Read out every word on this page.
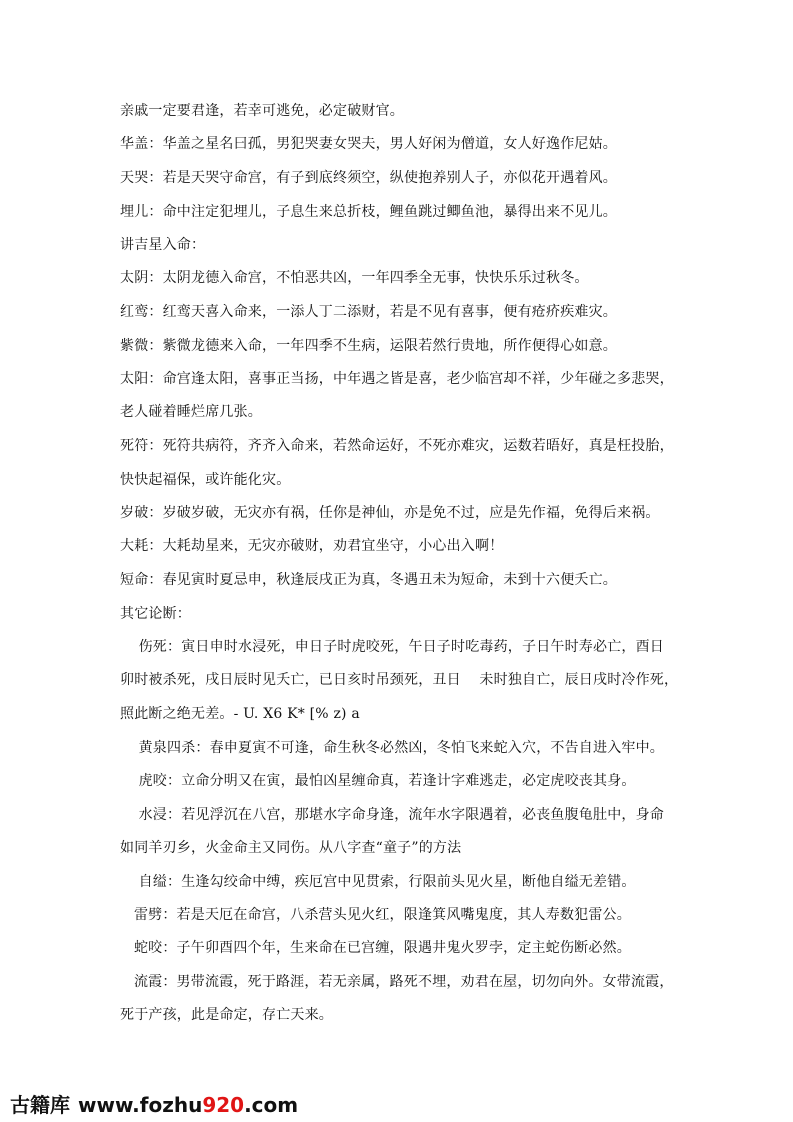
亲戚一定要君逢，若幸可逃免，必定破财官。
华盖：华盖之星名曰孤，男犯哭妻女哭夫，男人好闲为僧道，女人好逸作尼姑。
天哭：若是天哭守命宫，有子到底终须空，纵使抱养别人子，亦似花开遇着风。
埋儿：命中注定犯埋儿，子息生来总折枝，鲤鱼跳过鲫鱼池，暴得出来不见儿。
讲吉星入命：
太阴：太阴龙德入命宫，不怕恶共凶，一年四季全无事，快快乐乐过秋冬。
红鸾：红鸾天喜入命来，一添人丁二添财，若是不见有喜事，便有疮疥疾难灾。
紫微：紫微龙德来入命，一年四季不生病，运限若然行贵地，所作便得心如意。
太阳：命宫逢太阳，喜事正当扬，中年遇之皆是喜，老少临宫却不祥，少年碰之多悲哭，
老人碰着睡烂席几张。
死符：死符共病符，齐齐入命来，若然命运好，不死亦难灾，运数若晤好，真是枉投胎，
快快起福保，或许能化灾。
岁破：岁破岁破，无灾亦有祸，任你是神仙，亦是免不过，应是先作福，免得后来祸。
大耗：大耗劫星来，无灾亦破财，劝君宜坐守，小心出入啊！
短命：春见寅时夏忌申，秋逢辰戌正为真，冬遇丑未为短命，未到十六便夭亡。
其它论断：
伤死：寅日申时水浸死，申日子时虎咬死，午日子时吃毒药，子日午时寿必亡，酉日
卯时被杀死，戌日辰时见夭亡，已日亥时吊颈死，丑日    未时独自亡，辰日戌时冷作死，
照此断之绝无差。- U. X6 K* [% z) a
黄泉四杀：春申夏寅不可逢，命生秋冬必然凶，冬怕飞来蛇入穴，不告自进入牢中。
虎咬：立命分明又在寅，最怕凶星缠命真，若逢计字难逃走，必定虎咬丧其身。
水浸：若见浮沉在八宫，那堪水字命身逢，流年水字限遇着，必丧鱼腹龟肚中，身命
如同羊刃乡，火金命主又同伤。从八字查“童子”的方法
自缢：生逢勾绞命中缚，疾厄宫中见贯索，行限前头见火星，断他自缢无差错。
雷劈：若是天厄在命宫，八杀营头见火红，限逢箕风嘴鬼度，其人寿数犯雷公。
蛇咬：子午卯酉四个年，生来命在已宫缠，限遇井鬼火罗孛，定主蛇伤断必然。
流霞：男带流霞，死于路涯，若无亲属，路死不埋，劝君在屋，切勿向外。女带流霞，
死于产孩，此是命定，存亡天来。
古籍库 www.fozhu920.com
